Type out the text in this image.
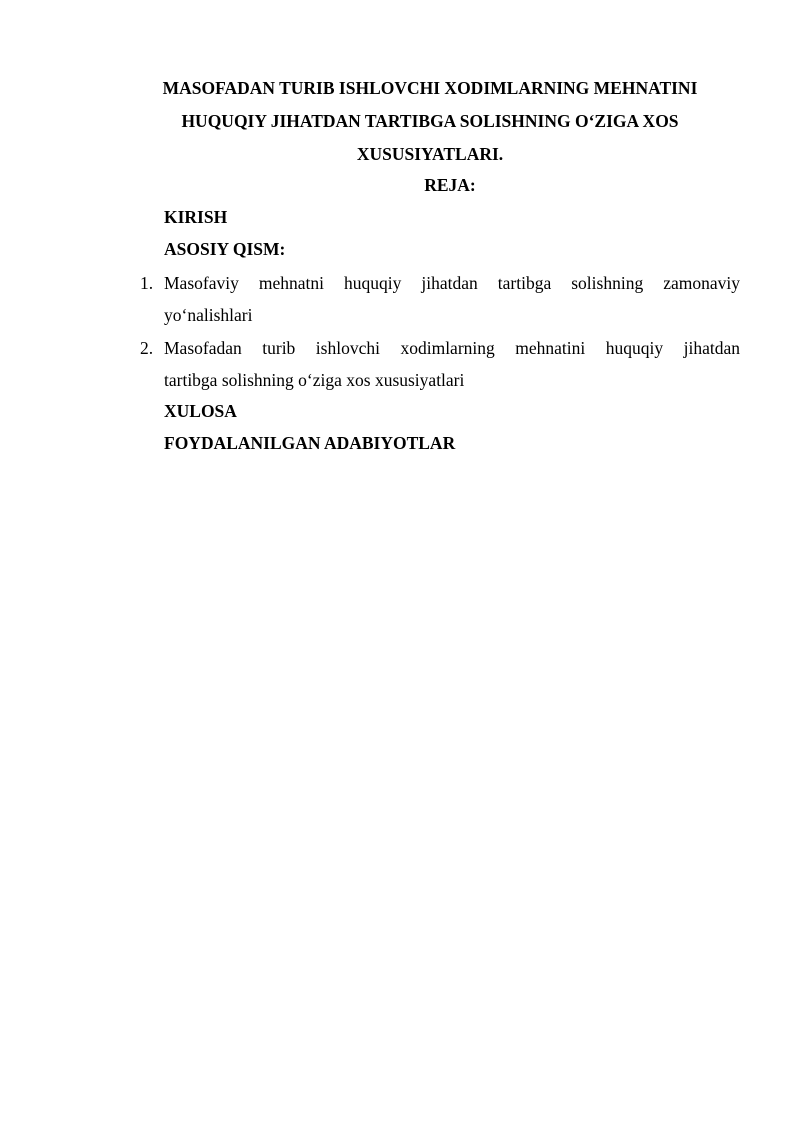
MASOFADAN TURIB ISHLOVCHI XODIMLARNING MEHNATINI
HUQUQIY JIHATDAN TARTIBGA SOLISHNING O‘ZIGA XOS
XUSUSIYATLARI.
REJA:
KIRISH
ASOSIY QISM:
1. Masofaviy mehnatni huquqiy jihatdan tartibga solishning zamonaviy
yo‘nalishlari
2. Masofadan turib ishlovchi xodimlarning mehnatini huquqiy jihatdan
tartibga solishning o‘ziga xos xususiyatlari
XULOSA
FOYDALANILGAN ADABIYOTLAR
